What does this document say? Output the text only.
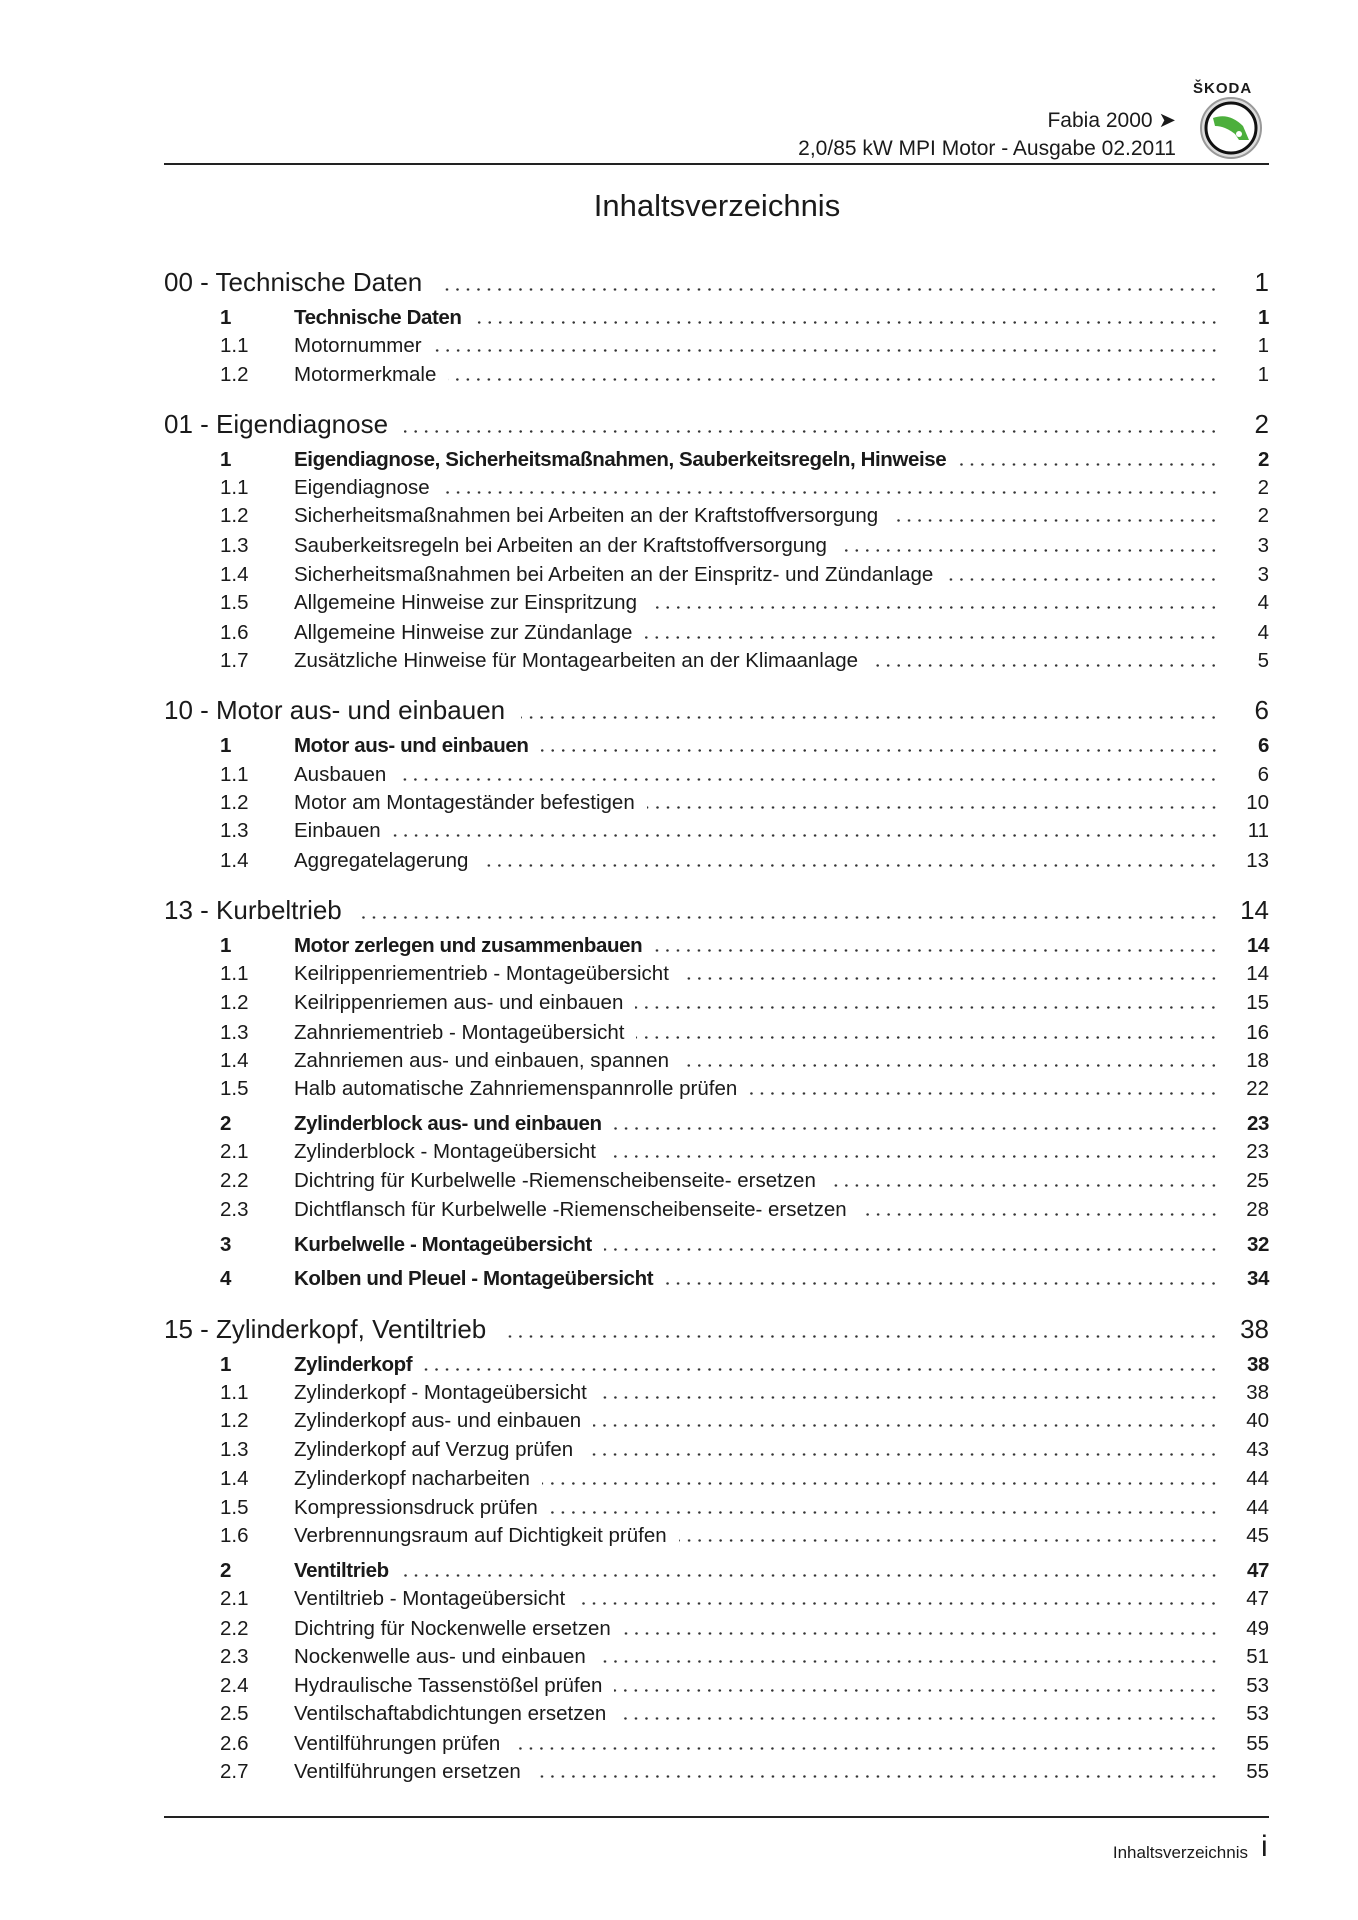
ŠKODA
Fabia 2000 ➤
2,0/85 kW MPI Motor - Ausgabe 02.2011
Inhaltsverzeichnis
00 - Technische Daten	1
1	Technische Daten	1
1.1	Motornummer	1
1.2	Motormerkmale	1
01 - Eigendiagnose	2
1	Eigendiagnose, Sicherheitsmaßnahmen, Sauberkeitsregeln, Hinweise	2
1.1	Eigendiagnose	2
1.2	Sicherheitsmaßnahmen bei Arbeiten an der Kraftstoffversorgung	2
1.3	Sauberkeitsregeln bei Arbeiten an der Kraftstoffversorgung	3
1.4	Sicherheitsmaßnahmen bei Arbeiten an der Einspritz- und Zündanlage	3
1.5	Allgemeine Hinweise zur Einspritzung	4
1.6	Allgemeine Hinweise zur Zündanlage	4
1.7	Zusätzliche Hinweise für Montagearbeiten an der Klimaanlage	5
10 - Motor aus- und einbauen	6
1	Motor aus- und einbauen	6
1.1	Ausbauen	6
1.2	Motor am Montageständer befestigen	10
1.3	Einbauen	11
1.4	Aggregatelagerung	13
13 - Kurbeltrieb	14
1	Motor zerlegen und zusammenbauen	14
1.1	Keilrippenriementrieb - Montageübersicht	14
1.2	Keilrippenriemen aus- und einbauen	15
1.3	Zahnriementrieb - Montageübersicht	16
1.4	Zahnriemen aus- und einbauen, spannen	18
1.5	Halb automatische Zahnriemenspannrolle prüfen	22
2	Zylinderblock aus- und einbauen	23
2.1	Zylinderblock - Montageübersicht	23
2.2	Dichtring für Kurbelwelle -Riemenscheibenseite- ersetzen	25
2.3	Dichtflansch für Kurbelwelle -Riemenscheibenseite- ersetzen	28
3	Kurbelwelle - Montageübersicht	32
4	Kolben und Pleuel - Montageübersicht	34
15 - Zylinderkopf, Ventiltrieb	38
1	Zylinderkopf	38
1.1	Zylinderkopf - Montageübersicht	38
1.2	Zylinderkopf aus- und einbauen	40
1.3	Zylinderkopf auf Verzug prüfen	43
1.4	Zylinderkopf nacharbeiten	44
1.5	Kompressionsdruck prüfen	44
1.6	Verbrennungsraum auf Dichtigkeit prüfen	45
2	Ventiltrieb	47
2.1	Ventiltrieb - Montageübersicht	47
2.2	Dichtring für Nockenwelle ersetzen	49
2.3	Nockenwelle aus- und einbauen	51
2.4	Hydraulische Tassenstößel prüfen	53
2.5	Ventilschaftabdichtungen ersetzen	53
2.6	Ventilführungen prüfen	55
2.7	Ventilführungen ersetzen	55
Inhaltsverzeichnis i
